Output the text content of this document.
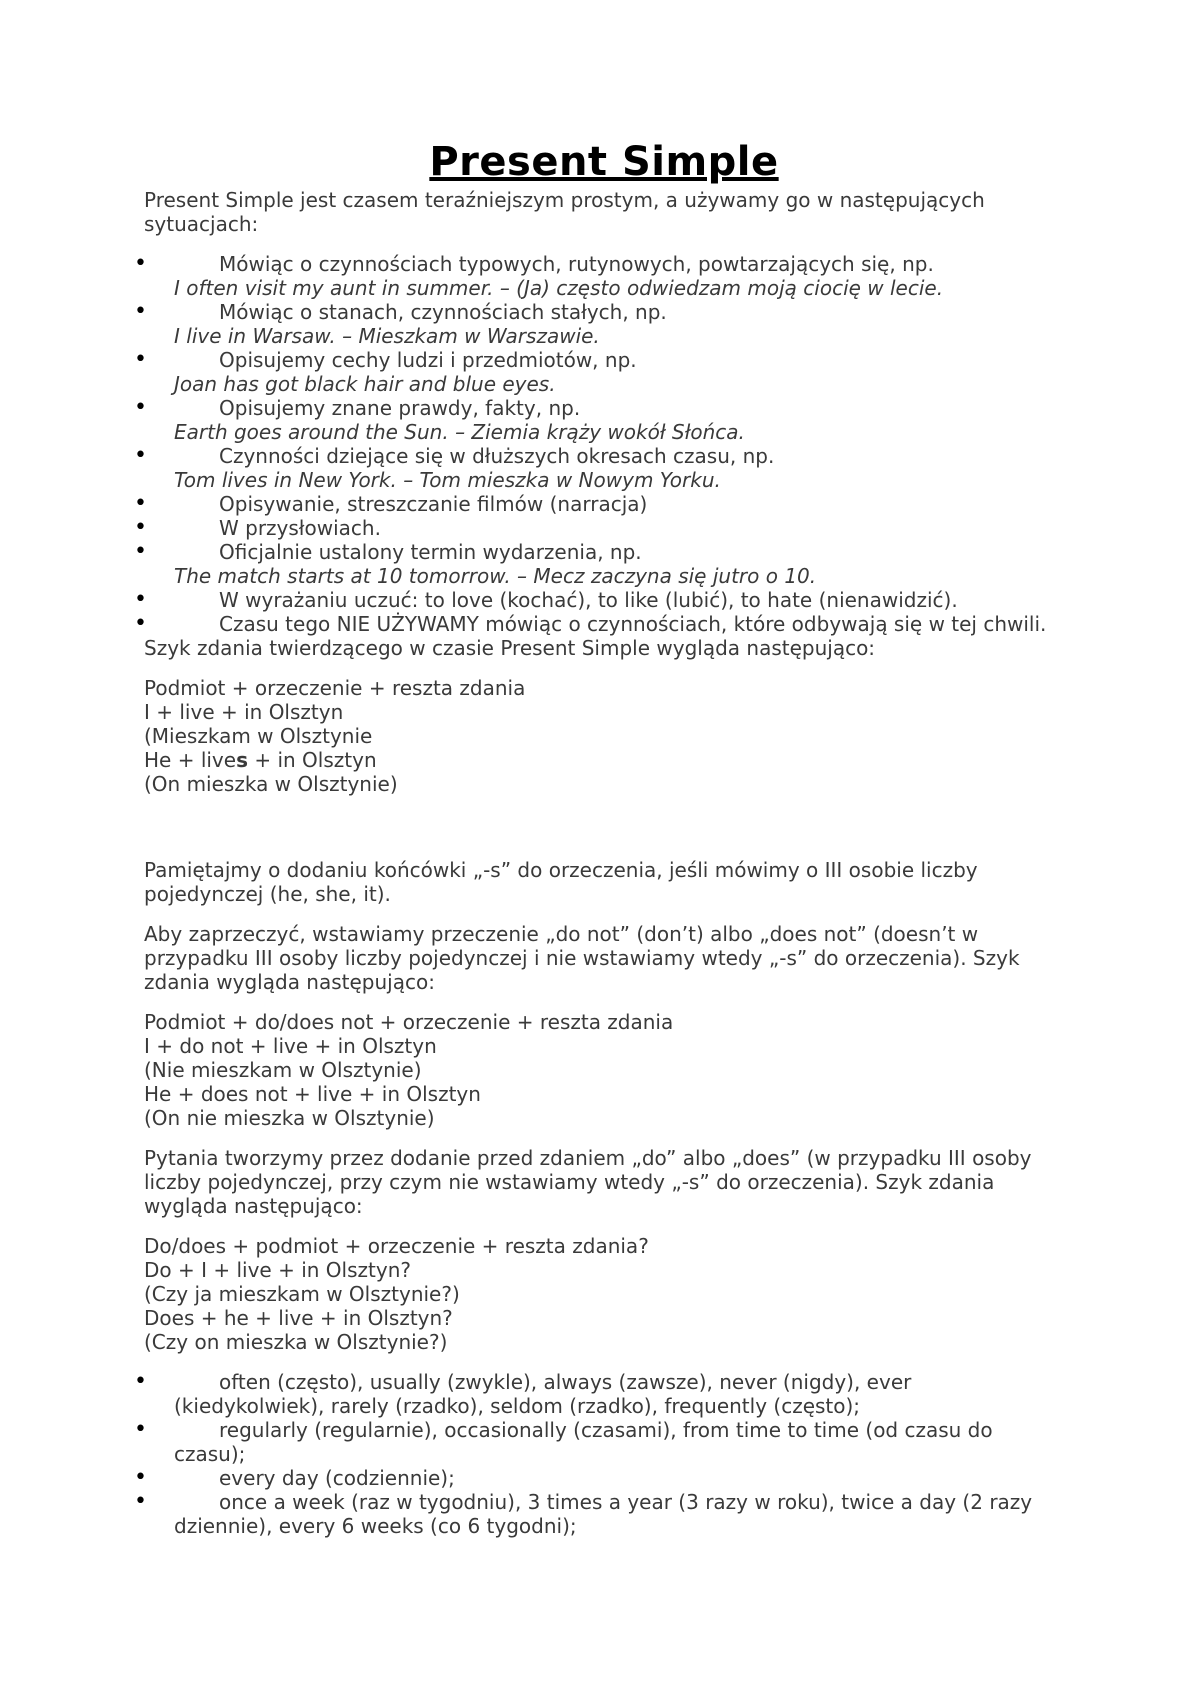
Present Simple

Present Simple jest czasem teraźniejszym prostym, a używamy go w następujących sytuacjach:

• Mówiąc o czynnościach typowych, rutynowych, powtarzających się, np.
I often visit my aunt in summer. – (Ja) często odwiedzam moją ciocię w lecie.
• Mówiąc o stanach, czynnościach stałych, np.
I live in Warsaw. – Mieszkam w Warszawie.
• Opisujemy cechy ludzi i przedmiotów, np.
Joan has got black hair and blue eyes.
• Opisujemy znane prawdy, fakty, np.
Earth goes around the Sun. – Ziemia krąży wokół Słońca.
• Czynności dziejące się w dłuższych okresach czasu, np.
Tom lives in New York. – Tom mieszka w Nowym Yorku.
• Opisywanie, streszczanie filmów (narracja)
• W przysłowiach.
• Oficjalnie ustalony termin wydarzenia, np.
The match starts at 10 tomorrow. – Mecz zaczyna się jutro o 10.
• W wyrażaniu uczuć: to love (kochać), to like (lubić), to hate (nienawidzić).
• Czasu tego NIE UŻYWAMY mówiąc o czynnościach, które odbywają się w tej chwili.

Szyk zdania twierdzącego w czasie Present Simple wygląda następująco:

Podmiot + orzeczenie + reszta zdania

I + live + in Olsztyn

(Mieszkam w Olsztynie

He + lives + in Olsztyn

(On mieszka w Olsztynie)

Pamiętajmy o dodaniu końcówki „-s” do orzeczenia, jeśli mówimy o III osobie liczby pojedynczej (he, she, it).

Aby zaprzeczyć, wstawiamy przeczenie „do not” (don’t) albo „does not” (doesn’t w przypadku III osoby liczby pojedynczej i nie wstawiamy wtedy „-s” do orzeczenia). Szyk zdania wygląda następująco:

Podmiot + do/does not + orzeczenie + reszta zdania

I + do not + live + in Olsztyn

(Nie mieszkam w Olsztynie)

He + does not + live + in Olsztyn

(On nie mieszka w Olsztynie)

Pytania tworzymy przez dodanie przed zdaniem „do” albo „does” (w przypadku III osoby liczby pojedynczej, przy czym nie wstawiamy wtedy „-s” do orzeczenia). Szyk zdania wygląda następująco:

Do/does + podmiot + orzeczenie + reszta zdania?

Do + I + live + in Olsztyn?

(Czy ja mieszkam w Olsztynie?)

Does + he + live + in Olsztyn?

(Czy on mieszka w Olsztynie?)

• often (często), usually (zwykle), always (zawsze), never (nigdy), ever (kiedykolwiek), rarely (rzadko), seldom (rzadko), frequently (często);
• regularly (regularnie), occasionally (czasami), from time to time (od czasu do czasu);
• every day (codziennie);
• once a week (raz w tygodniu), 3 times a year (3 razy w roku), twice a day (2 razy dziennie), every 6 weeks (co 6 tygodni);
